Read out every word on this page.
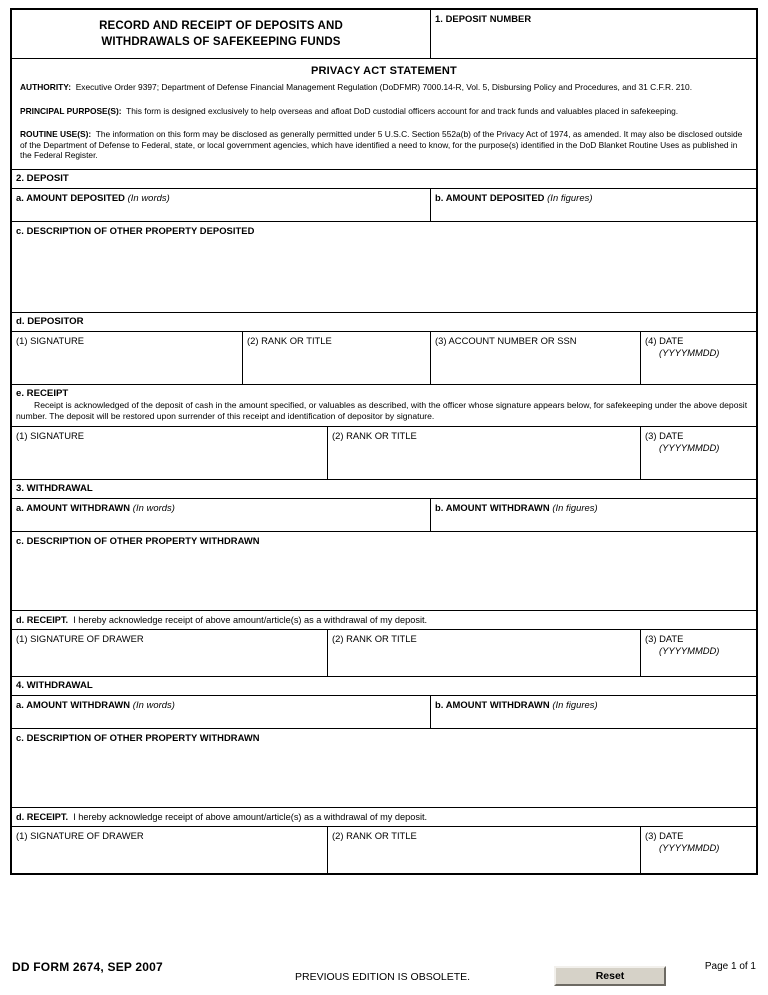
RECORD AND RECEIPT OF DEPOSITS AND
WITHDRAWALS OF SAFEKEEPING FUNDS
1. DEPOSIT NUMBER
PRIVACY ACT STATEMENT

AUTHORITY: Executive Order 9397; Department of Defense Financial Management Regulation (DoDFMR) 7000.14-R, Vol. 5, Disbursing Policy and Procedures, and 31 C.F.R. 210.

PRINCIPAL PURPOSE(S): This form is designed exclusively to help overseas and afloat DoD custodial officers account for and track funds and valuables placed in safekeeping.

ROUTINE USE(S): The information on this form may be disclosed as generally permitted under 5 U.S.C. Section 552a(b) of the Privacy Act of 1974, as amended. It may also be disclosed outside of the Department of Defense to Federal, state, or local government agencies, which have identified a need to know, for the purpose(s) identified in the DoD Blanket Routine Uses as published in the Federal Register.

2. DEPOSIT
a. AMOUNT DEPOSITED (In words)	b. AMOUNT DEPOSITED (In figures)
c. DESCRIPTION OF OTHER PROPERTY DEPOSITED
d. DEPOSITOR
(1) SIGNATURE	(2) RANK OR TITLE	(3) ACCOUNT NUMBER OR SSN	(4) DATE
(YYYYMMDD)
e. RECEIPT
Receipt is acknowledged of the deposit of cash in the amount specified, or valuables as described, with the officer whose signature appears below, for safekeeping under the above deposit number. The deposit will be restored upon surrender of this receipt and identification of depositor by signature.
(1) SIGNATURE	(2) RANK OR TITLE	(3) DATE
(YYYYMMDD)
3. WITHDRAWAL
a. AMOUNT WITHDRAWN (In words)	b. AMOUNT WITHDRAWN (In figures)
c. DESCRIPTION OF OTHER PROPERTY WITHDRAWN
d. RECEIPT. I hereby acknowledge receipt of above amount/article(s) as a withdrawal of my deposit.
(1) SIGNATURE OF DRAWER	(2) RANK OR TITLE	(3) DATE
(YYYYMMDD)
4. WITHDRAWAL
a. AMOUNT WITHDRAWN (In words)	b. AMOUNT WITHDRAWN (In figures)
c. DESCRIPTION OF OTHER PROPERTY WITHDRAWN
d. RECEIPT. I hereby acknowledge receipt of above amount/article(s) as a withdrawal of my deposit.
(1) SIGNATURE OF DRAWER	(2) RANK OR TITLE	(3) DATE
(YYYYMMDD)
DD FORM 2674, SEP 2007
PREVIOUS EDITION IS OBSOLETE.	Reset
Page 1 of 1
